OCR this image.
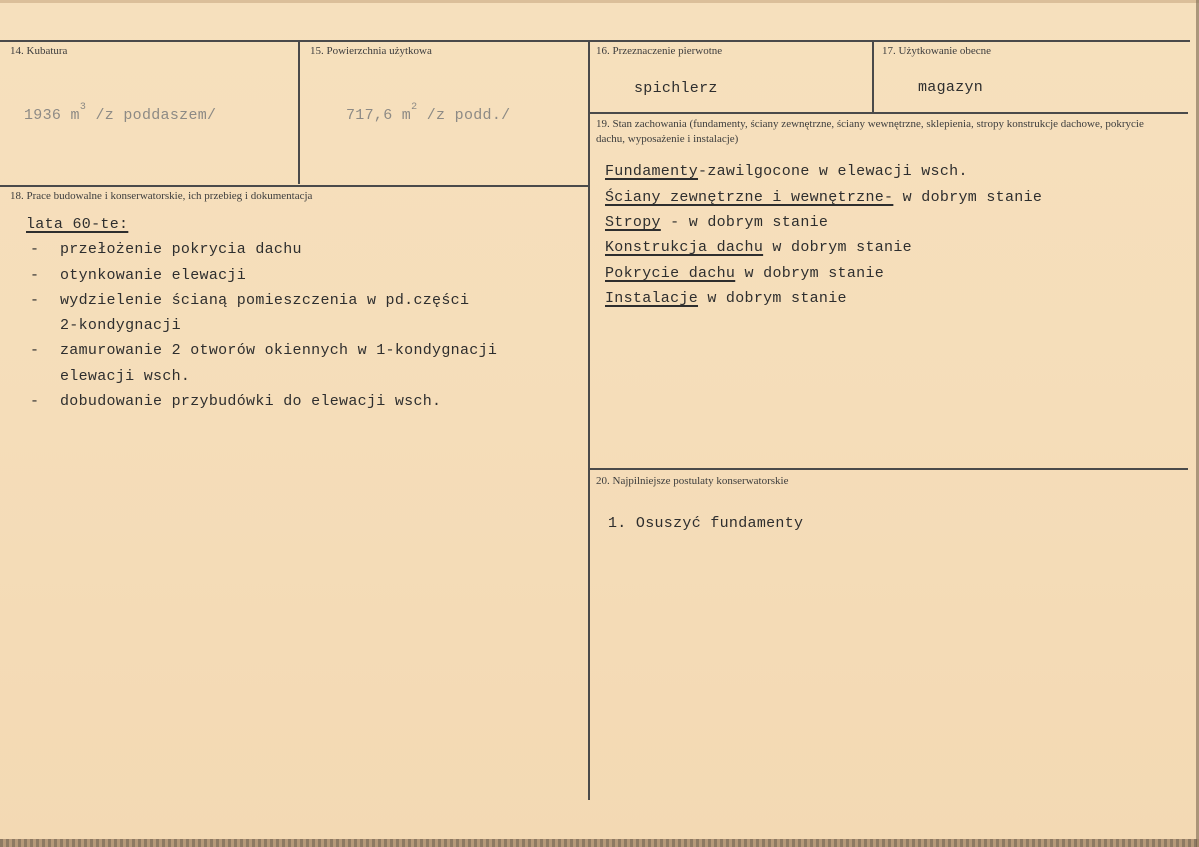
14. Kubatura
1936 $m^3$ /z poddaszem/
15. Powierzchnia użytkowa
717,6 $m^2$ /z podd./
16. Przeznaczenie pierwotne
spichlerz
17. Użytkowanie obecne
magazyn
18. Prace budowalne i konserwatorskie, ich przebieg i dokumentacja
lata 60-te:
- przełożenie pokrycia dachu
- otynkowanie elewacji
- wydzielenie ścianą pomieszczenia w pd.części
2-kondygnacji
- zamurowanie 2 otworów okiennych w 1-kondygnacji
elewacji wsch.
- dobudowanie przybudówki do elewacji wsch.
19. Stan zachowania (fundamenty, ściany zewnętrzne, ściany wewnętrzne, sklepienia, stropy konstrukcje dachowe, pokrycie dachu, wyposażenie i instalacje)
Fundamenty-zawilgocone w elewacji wsch.
Ściany zewnętrzne i wewnętrzne- w dobrym stanie
Stropy - w dobrym stanie
Konstrukcja dachu w dobrym stanie
Pokrycie dachu w dobrym stanie
Instalacje w dobrym stanie
20. Najpilniejsze postulaty konserwatorskie
1. Osuszyć fundamenty
